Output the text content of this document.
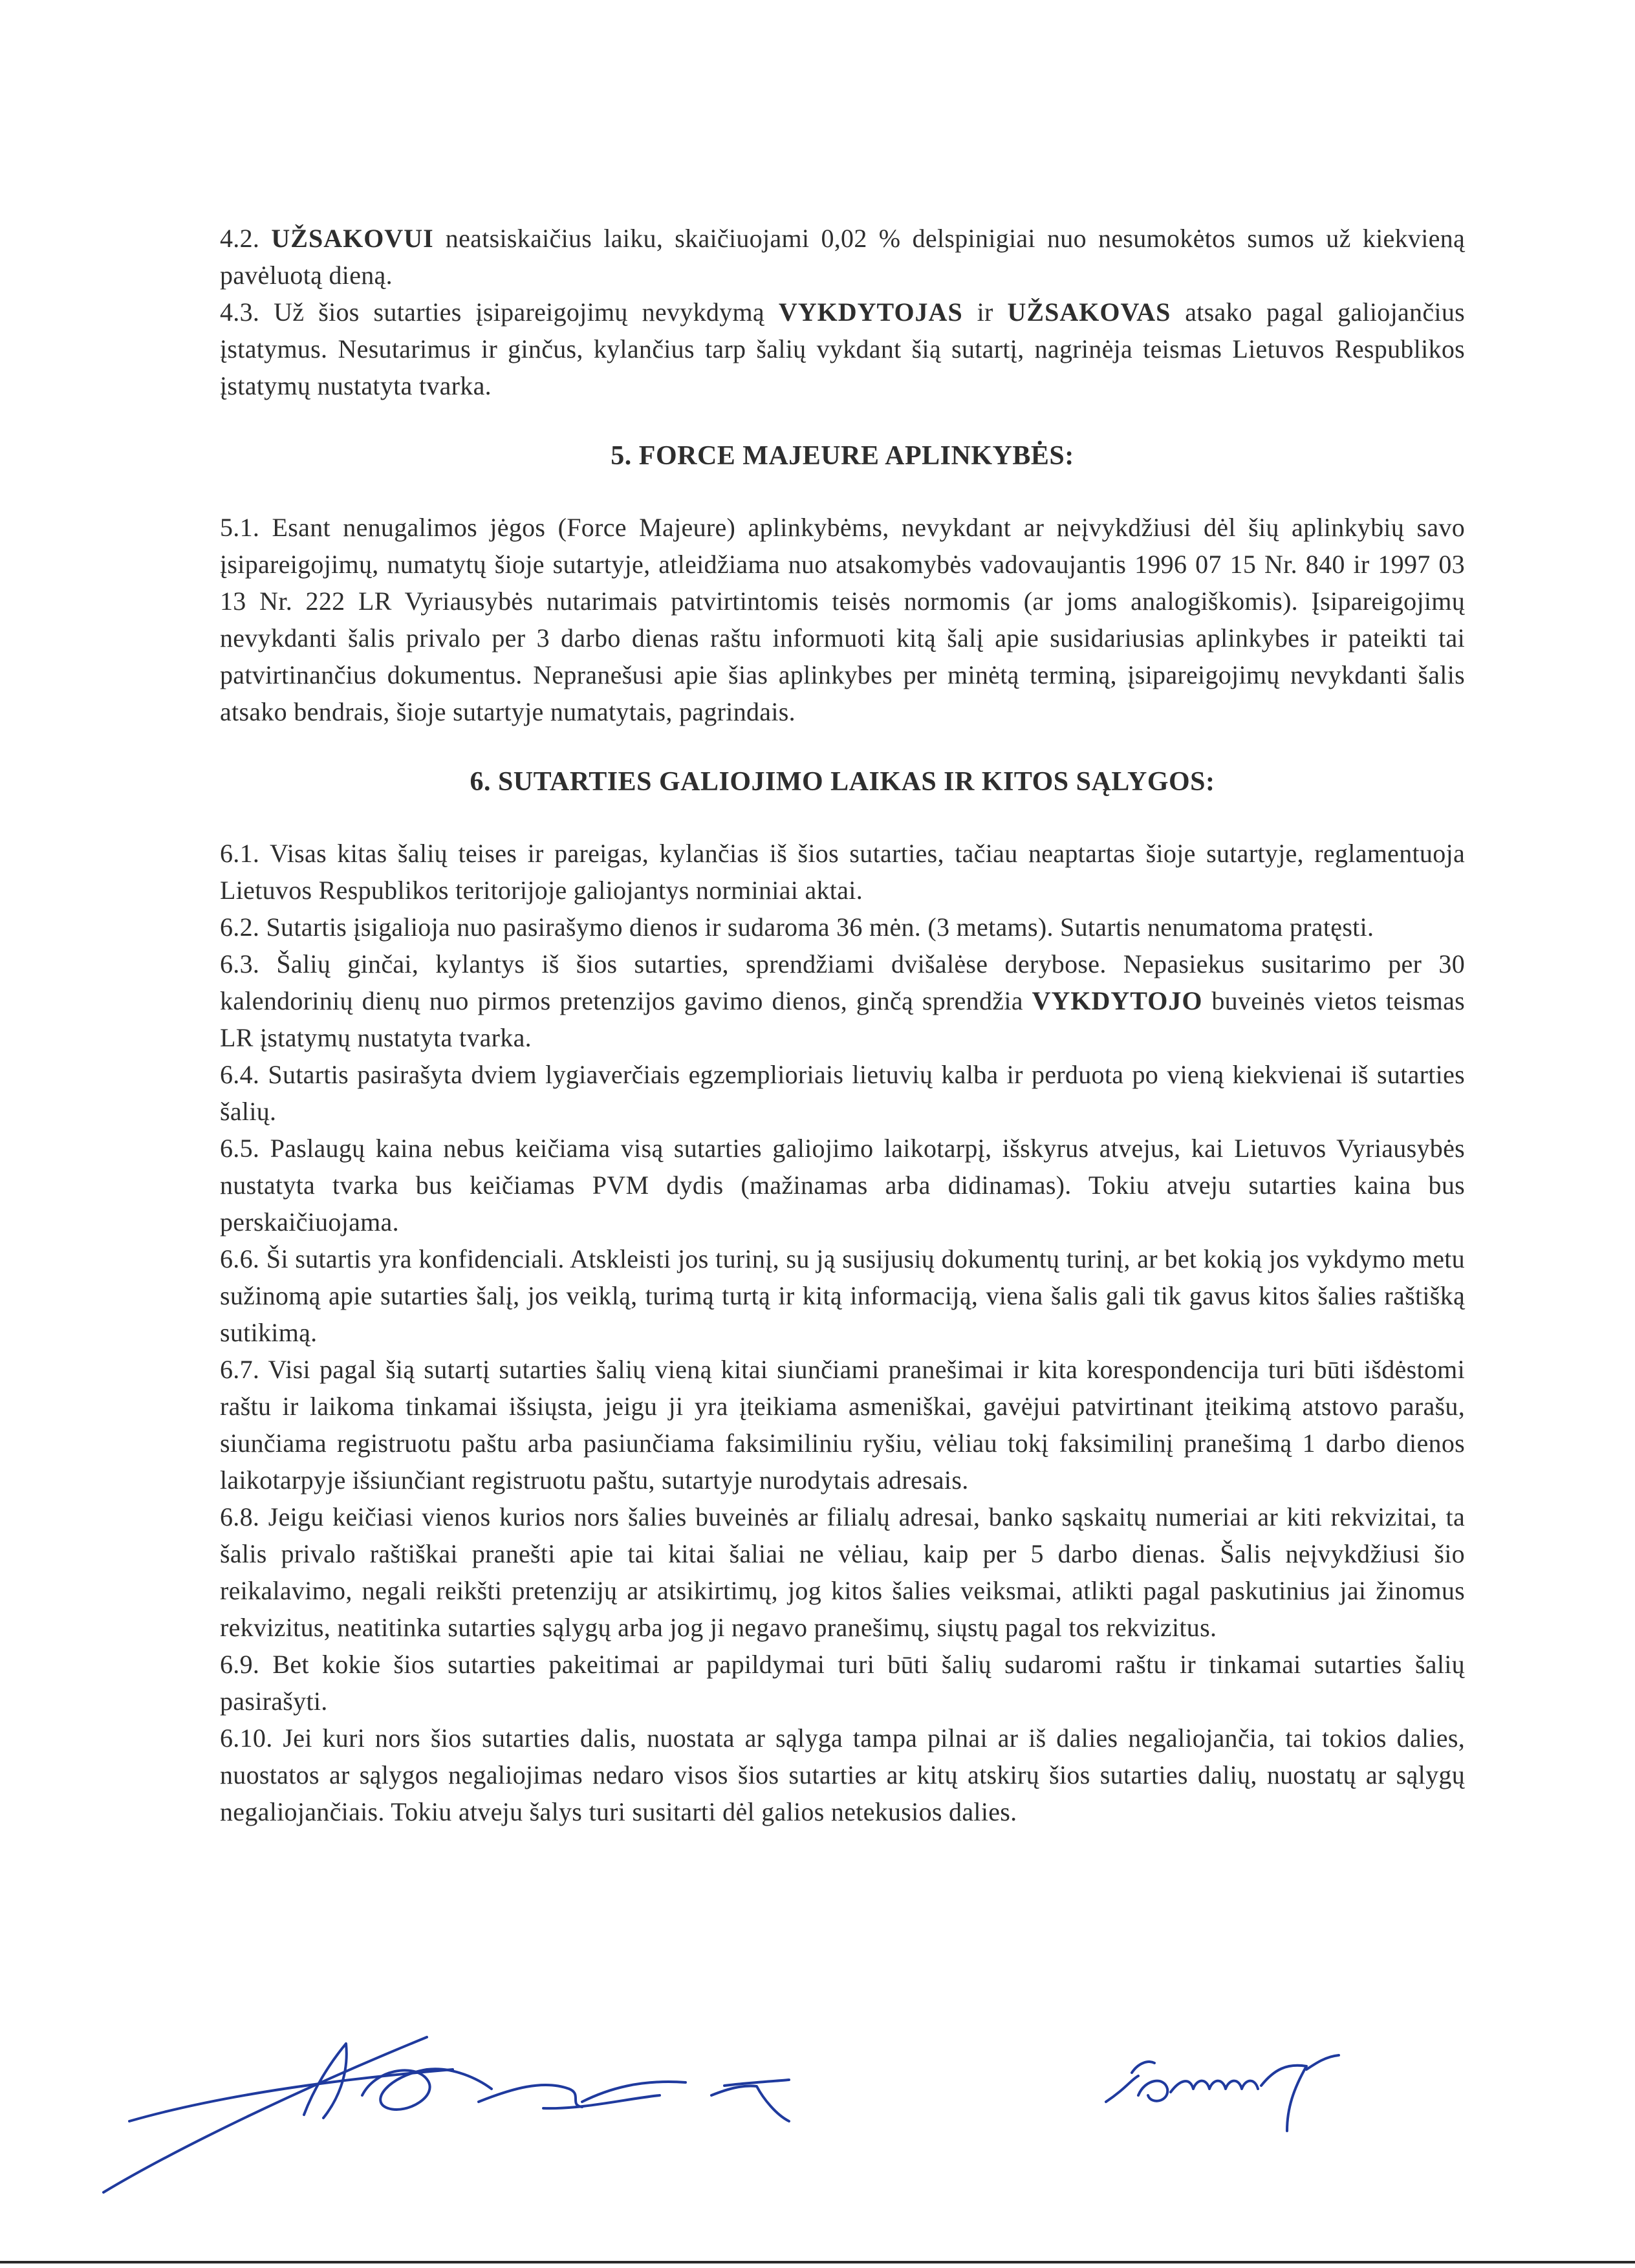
4.2. UŽSAKOVUI neatsiskaičius laiku, skaičiuojami 0,02 % delspinigiai nuo nesumokėtos sumos už kiekvieną pavėluotą dieną.

4.3. Už šios sutarties įsipareigojimų nevykdymą VYKDYTOJAS ir UŽSAKOVAS atsako pagal galiojančius įstatymus. Nesutarimus ir ginčus, kylančius tarp šalių vykdant šią sutartį, nagrinėja teismas Lietuvos Respublikos įstatymų nustatyta tvarka.

5. FORCE MAJEURE APLINKYBĖS:

5.1. Esant nenugalimos jėgos (Force Majeure) aplinkybėms, nevykdant ar neįvykdžiusi dėl šių aplinkybių savo įsipareigojimų, numatytų šioje sutartyje, atleidžiama nuo atsakomybės vadovaujantis 1996 07 15 Nr. 840 ir 1997 03 13 Nr. 222 LR Vyriausybės nutarimais patvirtintomis teisės normomis (ar joms analogiškomis). Įsipareigojimų nevykdanti šalis privalo per 3 darbo dienas raštu informuoti kitą šalį apie susidariusias aplinkybes ir pateikti tai patvirtinančius dokumentus. Nepranešusi apie šias aplinkybes per minėtą terminą, įsipareigojimų nevykdanti šalis atsako bendrais, šioje sutartyje numatytais, pagrindais.

6. SUTARTIES GALIOJIMO LAIKAS IR KITOS SĄLYGOS:

6.1. Visas kitas šalių teises ir pareigas, kylančias iš šios sutarties, tačiau neaptartas šioje sutartyje, reglamentuoja Lietuvos Respublikos teritorijoje galiojantys norminiai aktai.

6.2. Sutartis įsigalioja nuo pasirašymo dienos ir sudaroma 36 mėn. (3 metams). Sutartis nenumatoma pratęsti.

6.3. Šalių ginčai, kylantys iš šios sutarties, sprendžiami dvišalėse derybose. Nepasiekus susitarimo per 30 kalendorinių dienų nuo pirmos pretenzijos gavimo dienos, ginčą sprendžia VYKDYTOJO buveinės vietos teismas LR įstatymų nustatyta tvarka.

6.4. Sutartis pasirašyta dviem lygiaverčiais egzemplioriais lietuvių kalba ir perduota po vieną kiekvienai iš sutarties šalių.

6.5. Paslaugų kaina nebus keičiama visą sutarties galiojimo laikotarpį, išskyrus atvejus, kai Lietuvos Vyriausybės nustatyta tvarka bus keičiamas PVM dydis (mažinamas arba didinamas). Tokiu atveju sutarties kaina bus perskaičiuojama.

6.6. Ši sutartis yra konfidenciali. Atskleisti jos turinį, su ją susijusių dokumentų turinį, ar bet kokią jos vykdymo metu sužinomą apie sutarties šalį, jos veiklą, turimą turtą ir kitą informaciją, viena šalis gali tik gavus kitos šalies raštišką sutikimą.

6.7. Visi pagal šią sutartį sutarties šalių vieną kitai siunčiami pranešimai ir kita korespondencija turi būti išdėstomi raštu ir laikoma tinkamai išsiųsta, jeigu ji yra įteikiama asmeniškai, gavėjui patvirtinant įteikimą atstovo parašu, siunčiama registruotu paštu arba pasiunčiama faksimiliniu ryšiu, vėliau tokį faksimilinį pranešimą 1 darbo dienos laikotarpyje išsiunčiant registruotu paštu, sutartyje nurodytais adresais.

6.8. Jeigu keičiasi vienos kurios nors šalies buveinės ar filialų adresai, banko sąskaitų numeriai ar kiti rekvizitai, ta šalis privalo raštiškai pranešti apie tai kitai šaliai ne vėliau, kaip per 5 darbo dienas. Šalis neįvykdžiusi šio reikalavimo, negali reikšti pretenzijų ar atsikirtimų, jog kitos šalies veiksmai, atlikti pagal paskutinius jai žinomus rekvizitus, neatitinka sutarties sąlygų arba jog ji negavo pranešimų, siųstų pagal tos rekvizitus.

6.9. Bet kokie šios sutarties pakeitimai ar papildymai turi būti šalių sudaromi raštu ir tinkamai sutarties šalių pasirašyti.

6.10. Jei kuri nors šios sutarties dalis, nuostata ar sąlyga tampa pilnai ar iš dalies negaliojančia, tai tokios dalies, nuostatos ar sąlygos negaliojimas nedaro visos šios sutarties ar kitų atskirų šios sutarties dalių, nuostatų ar sąlygų negaliojančiais. Tokiu atveju šalys turi susitarti dėl galios netekusios dalies.
